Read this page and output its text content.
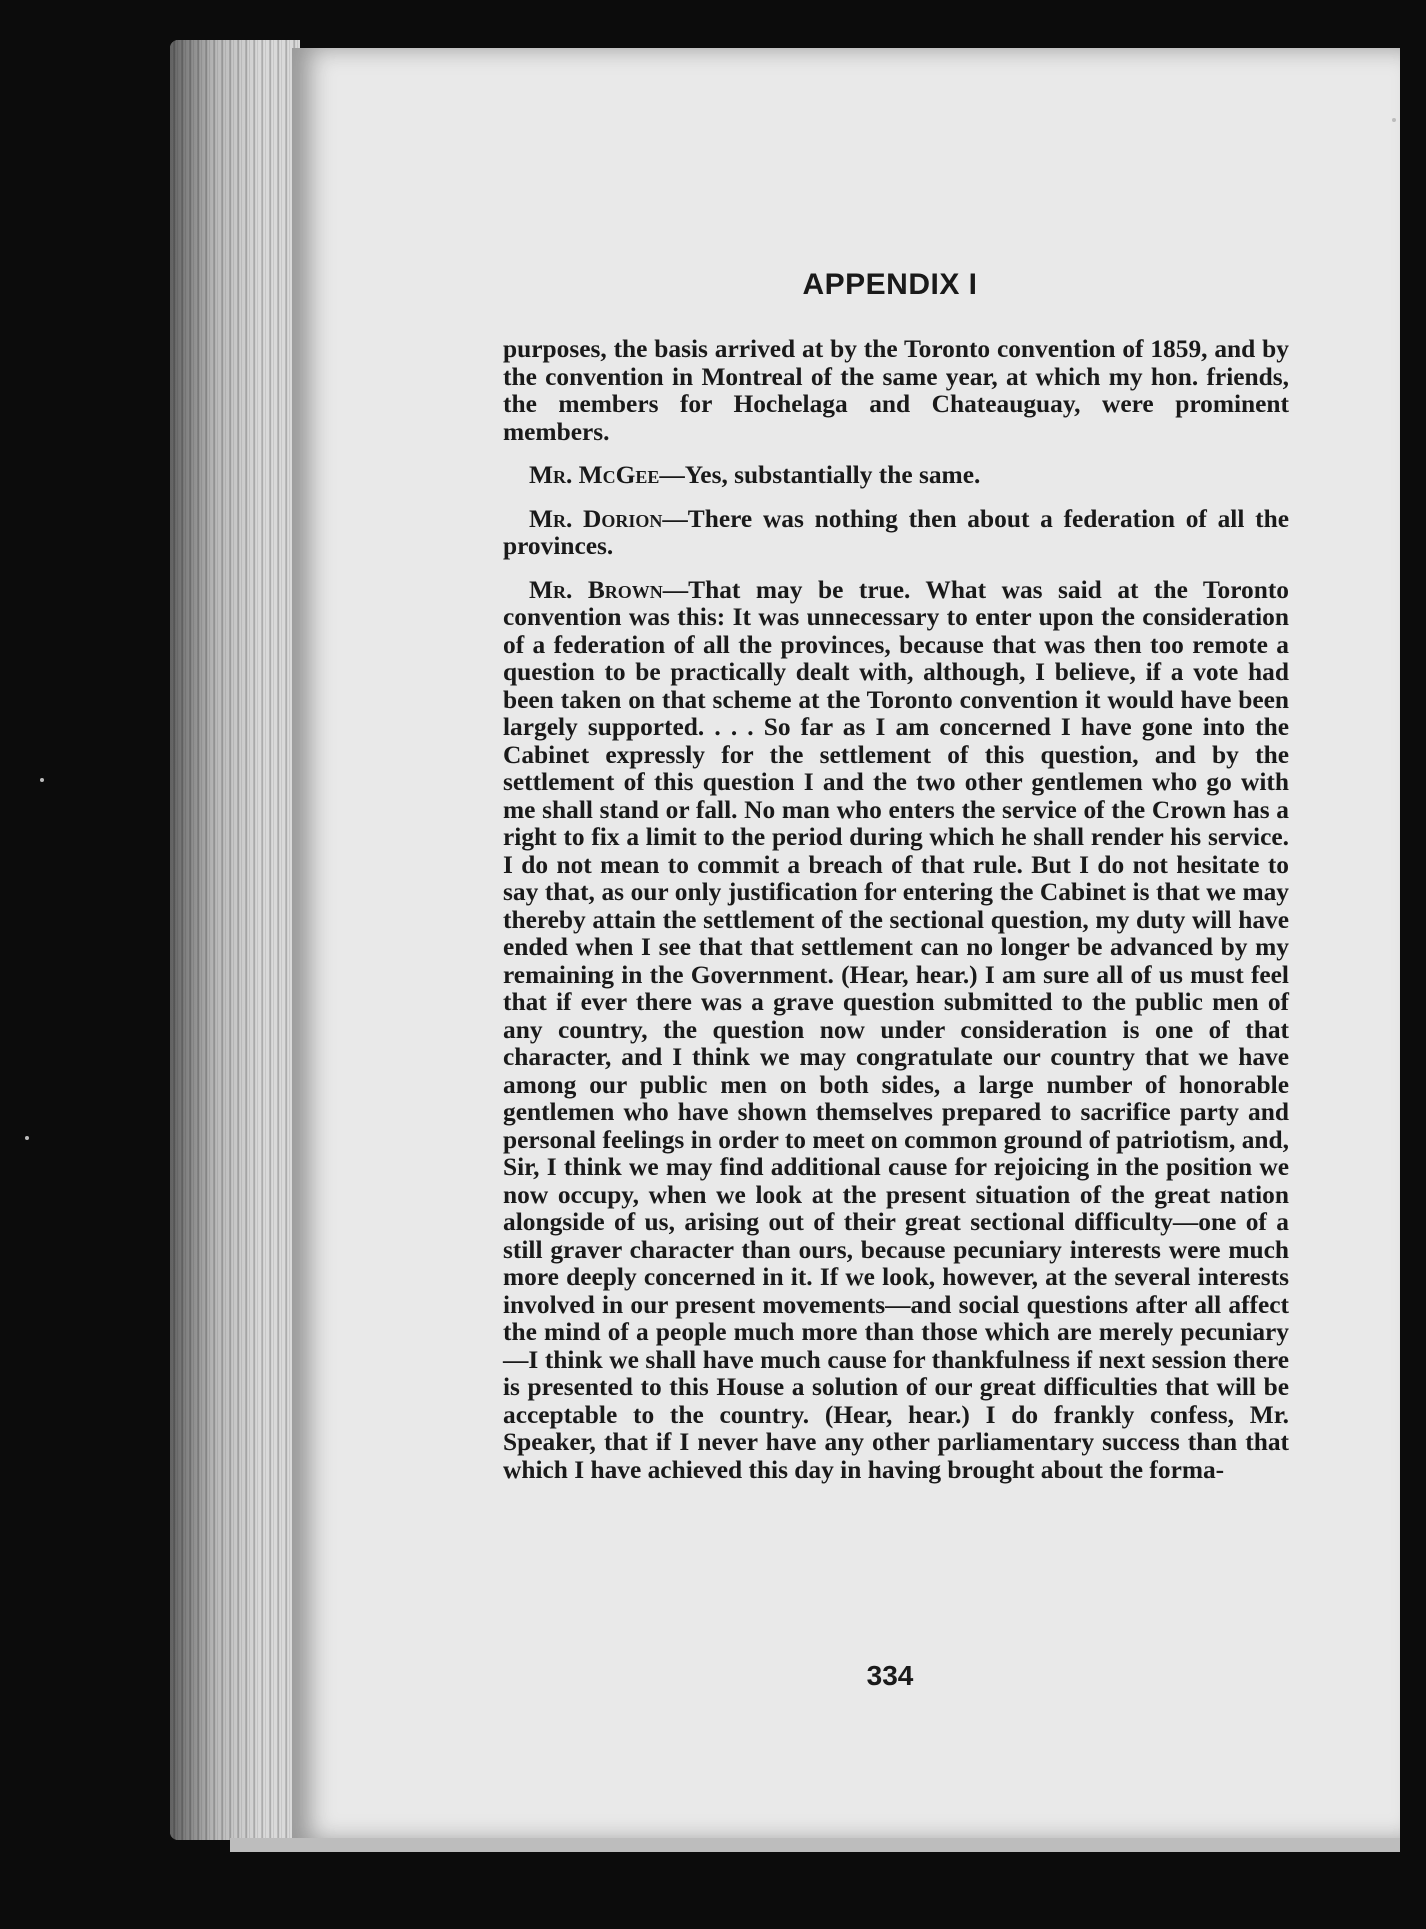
APPENDIX I

purposes, the basis arrived at by the Toronto convention of 1859, and by the convention in Montreal of the same year, at which my hon. friends, the members for Hochelaga and Chateauguay, were prominent members.

Mr. McGee—Yes, substantially the same.

Mr. Dorion—There was nothing then about a federation of all the provinces.

Mr. Brown—That may be true. What was said at the Toronto convention was this: It was unnecessary to enter upon the consideration of a federation of all the provinces, because that was then too remote a question to be practically dealt with, although, I believe, if a vote had been taken on that scheme at the Toronto convention it would have been largely supported. . . . So far as I am concerned I have gone into the Cabinet expressly for the settlement of this question, and by the settlement of this question I and the two other gentlemen who go with me shall stand or fall. No man who enters the service of the Crown has a right to fix a limit to the period during which he shall render his service. I do not mean to commit a breach of that rule. But I do not hesitate to say that, as our only justification for entering the Cabinet is that we may thereby attain the settlement of the sectional question, my duty will have ended when I see that that settlement can no longer be advanced by my remaining in the Government. (Hear, hear.) I am sure all of us must feel that if ever there was a grave question submitted to the public men of any country, the question now under consideration is one of that character, and I think we may congratulate our country that we have among our public men on both sides, a large number of honorable gentlemen who have shown themselves prepared to sacrifice party and personal feelings in order to meet on common ground of patriotism, and, Sir, I think we may find additional cause for rejoicing in the position we now occupy, when we look at the present situation of the great nation alongside of us, arising out of their great sectional difficulty—one of a still graver character than ours, because pecuniary interests were much more deeply concerned in it. If we look, however, at the several interests involved in our present movements—and social questions after all affect the mind of a people much more than those which are merely pecuniary—I think we shall have much cause for thankfulness if next session there is presented to this House a solution of our great difficulties that will be acceptable to the country. (Hear, hear.) I do frankly confess, Mr. Speaker, that if I never have any other parliamentary success than that which I have achieved this day in having brought about the forma-

334
